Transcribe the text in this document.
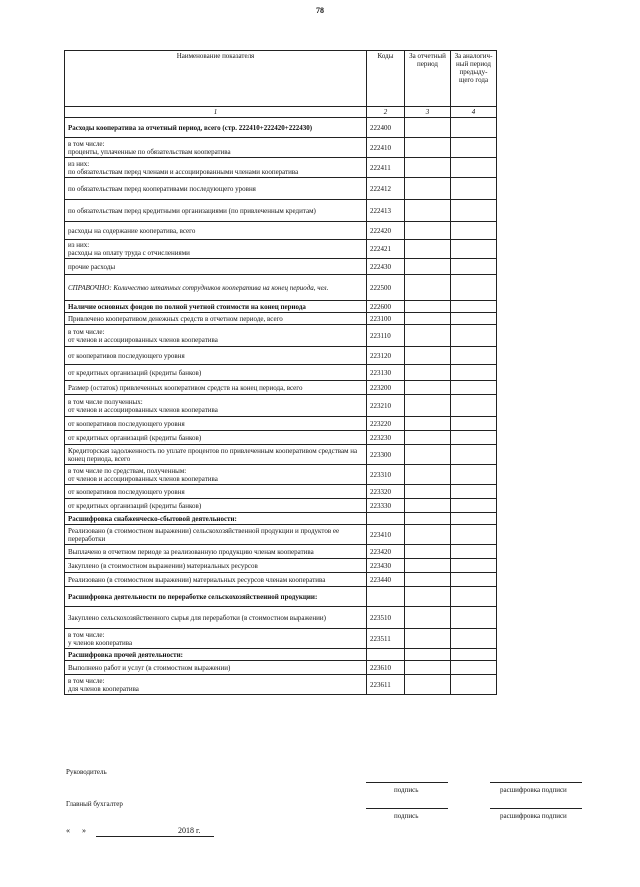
78
Наименование показателя	Коды	За отчетный период	За аналогич-ный период предыду-щего года
1	2	3	4
Расходы кооператива за отчетный период, всего (стр. 222410+222420+222430)	222400		
в том числе:
проценты, уплаченные по обязательствам кооператива	222410		
из них:
по обязательствам перед членами и ассоциированными членами кооператива	222411		
по обязательствам перед кооперативами последующего уровня	222412		
по обязательствам перед кредитными организациями (по привлеченным кредитам)	222413		
расходы на содержание кооператива, всего	222420		
из них:
расходы на оплату труда с отчислениями	222421		
прочие расходы	222430		
СПРАВОЧНО: Количество штатных сотрудников кооператива на конец периода, чел.	222500		
Наличие основных фондов по полной учетной стоимости на конец периода	222600		
Привлечено кооперативом денежных средств в отчетном периоде, всего	223100		
в том числе:
от членов и ассоциированных членов кооператива	223110		
от кооперативов последующего уровня	223120		
от кредитных организаций (кредиты банков)	223130		
Размер (остаток) привлеченных кооперативом средств на конец периода, всего	223200		
в том числе полученных:
от членов и ассоциированных членов кооператива	223210		
от кооперативов последующего уровня	223220		
от кредитных организаций (кредиты банков)	223230		
Кредиторская задолженность по уплате процентов по привлеченным кооперативом средствам на конец периода, всего	223300		
в том числе по средствам, полученным:
от членов и ассоциированных членов кооператива	223310		
от кооперативов последующего уровня	223320		
от кредитных организаций (кредиты банков)	223330		
Расшифровка снабженческо-сбытовой деятельности:			
Реализовано (в стоимостном выражении) сельскохозяйственной продукции и продуктов ее переработки	223410		
Выплачено в отчетном периоде за реализованную продукцию членам кооператива	223420		
Закуплено (в стоимостном выражении) материальных ресурсов	223430		
Реализовано (в стоимостном выражении) материальных ресурсов членам кооператива	223440		
Расшифровка деятельности по переработке сельскохозяйственной продукции:			
Закуплено сельскохозяйственного сырья для переработки (в стоимостном выражении)	223510		
в том числе:
у членов кооператива	223511		
Расшифровка прочей деятельности:			
Выполнено работ и услуг (в стоимостном выражении)	223610		
в том числе:
для членов кооператива	223611		
Руководитель
подпись	расшифровка подписи
Главный бухгалтер
подпись	расшифровка подписи
«      »                                              2018 г.
